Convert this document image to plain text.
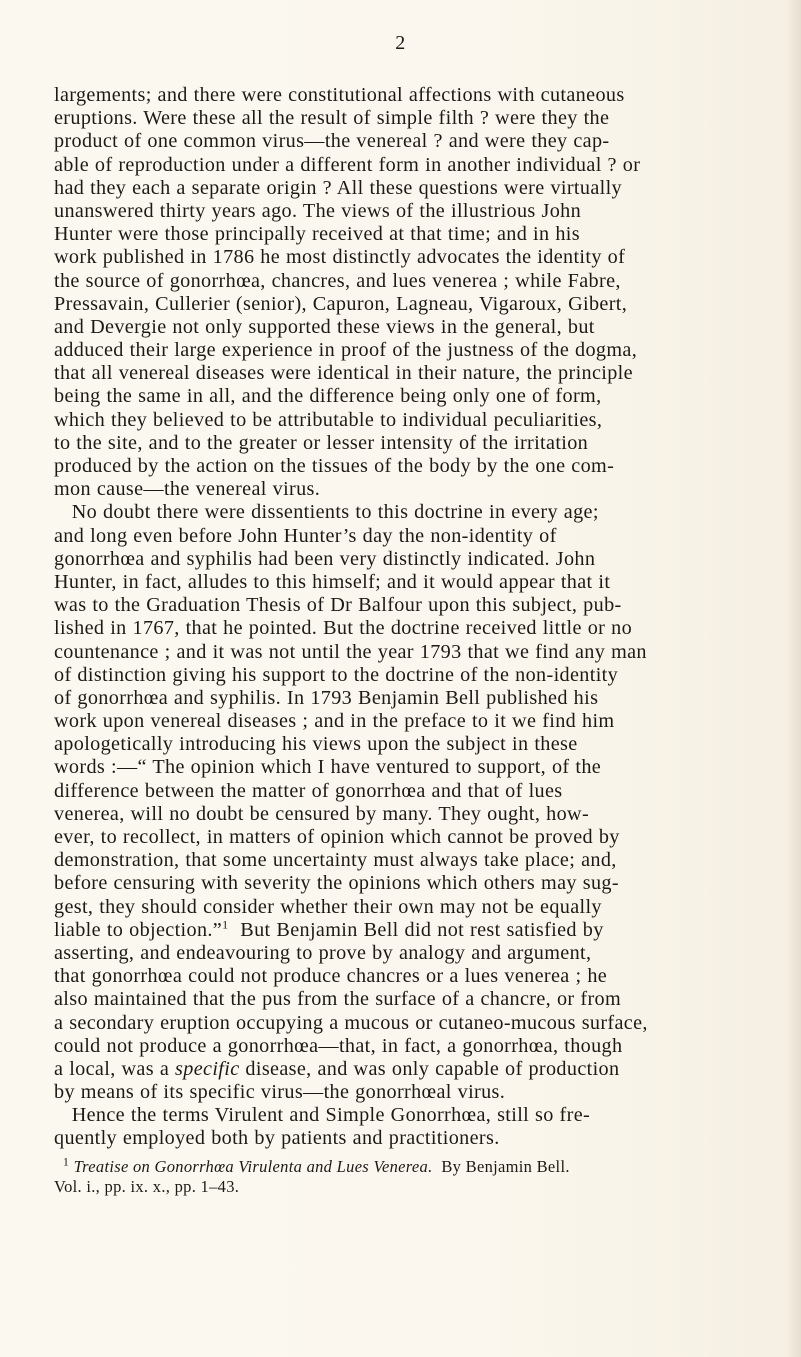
2
largements; and there were constitutional affections with cutaneous
eruptions. Were these all the result of simple filth ? were they the
product of one common virus—the venereal ? and were they cap-
able of reproduction under a different form in another individual ? or
had they each a separate origin ? All these questions were virtually
unanswered thirty years ago. The views of the illustrious John
Hunter were those principally received at that time; and in his
work published in 1786 he most distinctly advocates the identity of
the source of gonorrhœa, chancres, and lues venerea ; while Fabre,
Pressavain, Cullerier (senior), Capuron, Lagneau, Vigaroux, Gibert,
and Devergie not only supported these views in the general, but
adduced their large experience in proof of the justness of the dogma,
that all venereal diseases were identical in their nature, the principle
being the same in all, and the difference being only one of form,
which they believed to be attributable to individual peculiarities,
to the site, and to the greater or lesser intensity of the irritation
produced by the action on the tissues of the body by the one com-
mon cause—the venereal virus.
No doubt there were dissentients to this doctrine in every age;
and long even before John Hunter’s day the non-identity of
gonorrhœa and syphilis had been very distinctly indicated. John
Hunter, in fact, alludes to this himself; and it would appear that it
was to the Graduation Thesis of Dr Balfour upon this subject, pub-
lished in 1767, that he pointed. But the doctrine received little or no
countenance ; and it was not until the year 1793 that we find any man
of distinction giving his support to the doctrine of the non-identity
of gonorrhœa and syphilis. In 1793 Benjamin Bell published his
work upon venereal diseases ; and in the preface to it we find him
apologetically introducing his views upon the subject in these
words :—“ The opinion which I have ventured to support, of the
difference between the matter of gonorrhœa and that of lues
venerea, will no doubt be censured by many. They ought, how-
ever, to recollect, in matters of opinion which cannot be proved by
demonstration, that some uncertainty must always take place; and,
before censuring with severity the opinions which others may sug-
gest, they should consider whether their own may not be equally
liable to objection.”$^1$  But Benjamin Bell did not rest satisfied by
asserting, and endeavouring to prove by analogy and argument,
that gonorrhœa could not produce chancres or a lues venerea ; he
also maintained that the pus from the surface of a chancre, or from
a secondary eruption occupying a mucous or cutaneo-mucous surface,
could not produce a gonorrhœa—that, in fact, a gonorrhœa, though
a local, was a specific disease, and was only capable of production
by means of its specific virus—the gonorrhœal virus.
Hence the terms Virulent and Simple Gonorrhœa, still so fre-
quently employed both by patients and practitioners.
$^1$ Treatise on Gonorrhœa Virulenta and Lues Venerea.  By Benjamin Bell.
Vol. i., pp. ix. x., pp. 1–43.
